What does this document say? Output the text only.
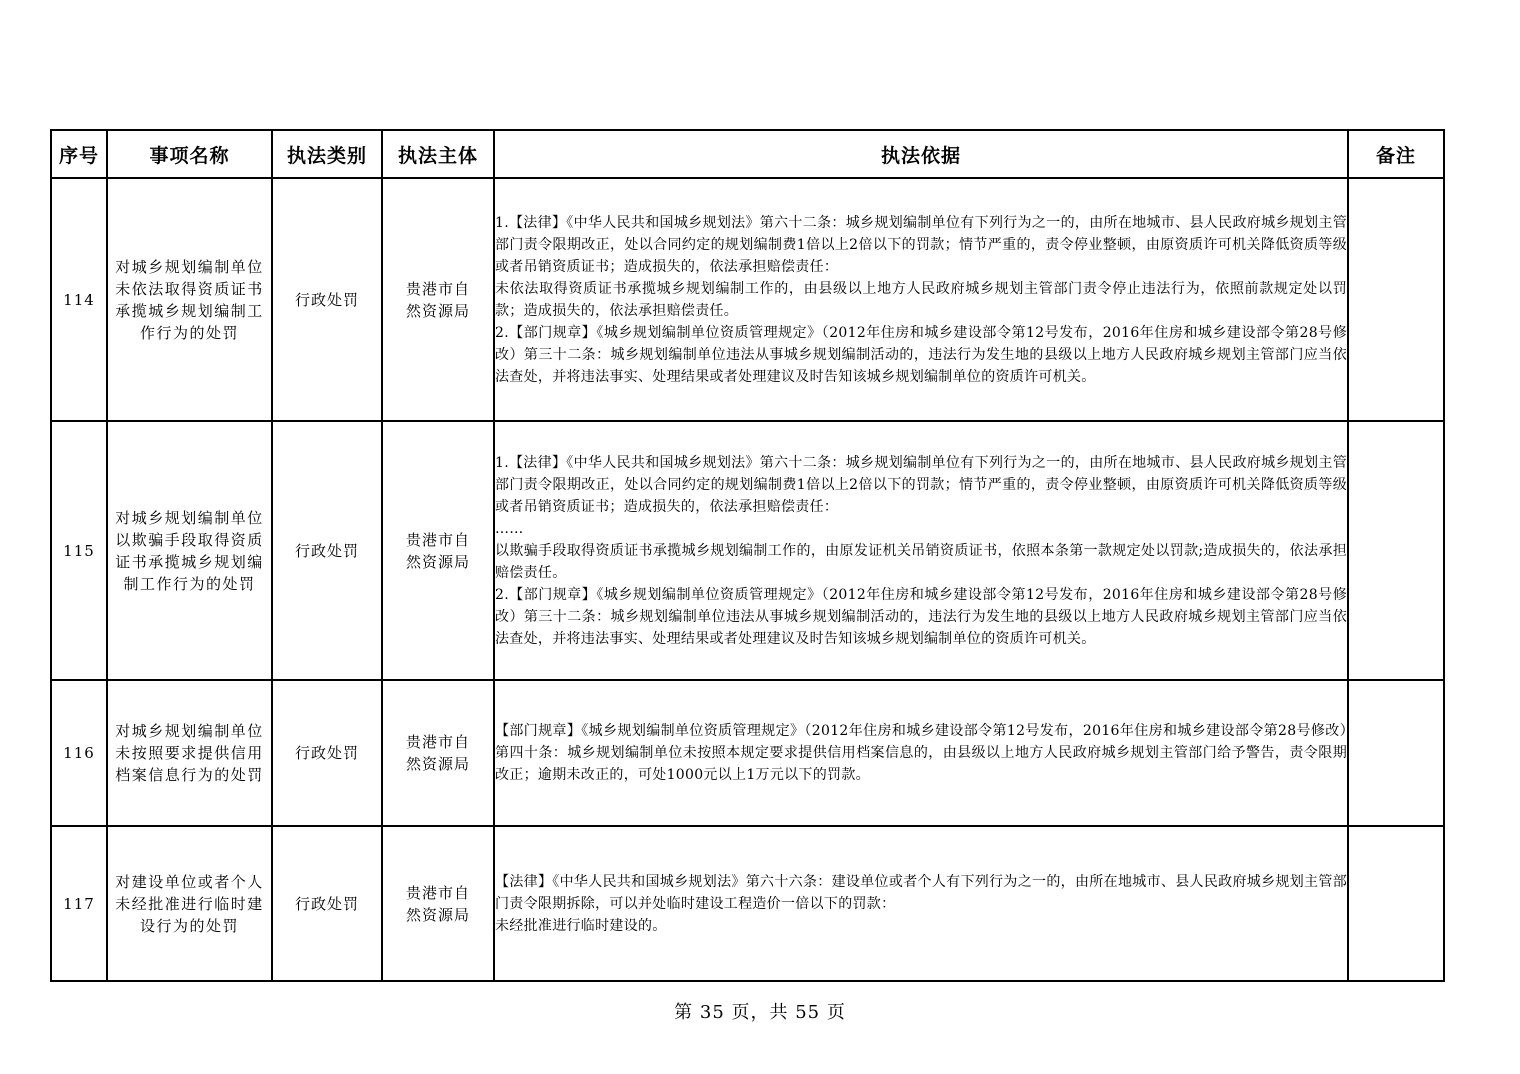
序号	事项名称	执法类别	执法主体	执法依据	备注
114	对城乡规划编制单位未依法取得资质证书承揽城乡规划编制工作行为的处罚	行政处罚	贵港市自然资源局	1.【法律】《中华人民共和国城乡规划法》第六十二条：城乡规划编制单位有下列行为之一的，由所在地城市、县人民政府城乡规划主管部门责令限期改正，处以合同约定的规划编制费1倍以上2倍以下的罚款；情节严重的，责令停业整顿，由原资质许可机关降低资质等级或者吊销资质证书；造成损失的，依法承担赔偿责任：

未依法取得资质证书承揽城乡规划编制工作的，由县级以上地方人民政府城乡规划主管部门责令停止违法行为，依照前款规定处以罚款；造成损失的，依法承担赔偿责任。

2.【部门规章】《城乡规划编制单位资质管理规定》（2012年住房和城乡建设部令第12号发布，2016年住房和城乡建设部令第28号修改）第三十二条：城乡规划编制单位违法从事城乡规划编制活动的，违法行为发生地的县级以上地方人民政府城乡规划主管部门应当依法查处，并将违法事实、处理结果或者处理建议及时告知该城乡规划编制单位的资质许可机关。	

115	对城乡规划编制单位以欺骗手段取得资质证书承揽城乡规划编制工作行为的处罚	行政处罚	贵港市自然资源局	1.【法律】《中华人民共和国城乡规划法》第六十二条：城乡规划编制单位有下列行为之一的，由所在地城市、县人民政府城乡规划主管部门责令限期改正，处以合同约定的规划编制费1倍以上2倍以下的罚款；情节严重的，责令停业整顿，由原资质许可机关降低资质等级或者吊销资质证书；造成损失的，依法承担赔偿责任：

……

以欺骗手段取得资质证书承揽城乡规划编制工作的，由原发证机关吊销资质证书，依照本条第一款规定处以罚款;造成损失的，依法承担赔偿责任。

2.【部门规章】《城乡规划编制单位资质管理规定》（2012年住房和城乡建设部令第12号发布，2016年住房和城乡建设部令第28号修改）第三十二条：城乡规划编制单位违法从事城乡规划编制活动的，违法行为发生地的县级以上地方人民政府城乡规划主管部门应当依法查处，并将违法事实、处理结果或者处理建议及时告知该城乡规划编制单位的资质许可机关。	

116	对城乡规划编制单位未按照要求提供信用档案信息行为的处罚	行政处罚	贵港市自然资源局	【部门规章】《城乡规划编制单位资质管理规定》（2012年住房和城乡建设部令第12号发布，2016年住房和城乡建设部令第28号修改）第四十条：城乡规划编制单位未按照本规定要求提供信用档案信息的，由县级以上地方人民政府城乡规划主管部门给予警告，责令限期改正；逾期未改正的，可处1000元以上1万元以下的罚款。	

117	对建设单位或者个人未经批准进行临时建设行为的处罚	行政处罚	贵港市自然资源局	【法律】《中华人民共和国城乡规划法》第六十六条：建设单位或者个人有下列行为之一的，由所在地城市、县人民政府城乡规划主管部门责令限期拆除，可以并处临时建设工程造价一倍以下的罚款：

未经批准进行临时建设的。	

第 35 页，共 55 页
